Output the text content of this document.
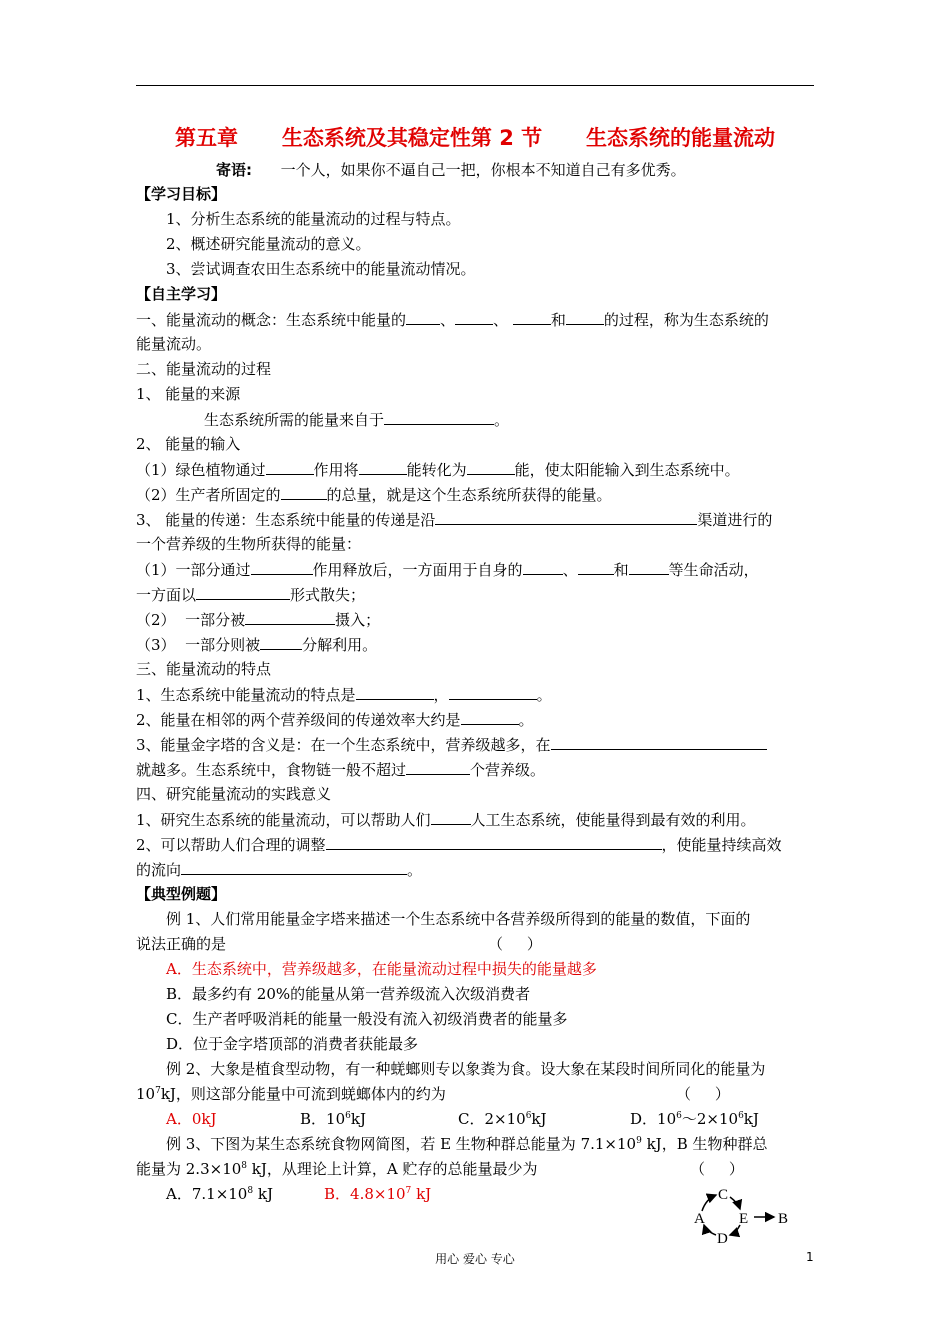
第五章      生态系统及其稳定性第 2 节      生态系统的能量流动
寄语: 一个人，如果你不逼自己一把，你根本不知道自己有多优秀。
【学习目标】
1、分析生态系统的能量流动的过程与特点。
2、概述研究能量流动的意义。
3、尝试调查农田生态系统中的能量流动情况。
【自主学习】
一、能量流动的概念：生态系统中能量的 、	、	和	的过程，称为生态系统的
能量流动。
二、能量流动的过程
1、 能量的来源
生态系统所需的能量来自于	。
2、 能量的输入
（1）绿色植物通过	作用将	能转化为	能，使太阳能输入到生态系统中。
（2）生产者所固定的	的总量，就是这个生态系统所获得的能量。
3、 能量的传递：生态系统中能量的传递是沿	渠道进行的
一个营养级的生物所获得的能量：
（1）一部分通过	作用释放后，一方面用于自身的	、 和	等生命活动，
一方面以	形式散失；
（2）  一部分被	摄入；
（3）  一部分则被	分解利用。
三、能量流动的特点
1、生态系统中能量流动的特点是	，	。
2、能量在相邻的两个营养级间的传递效率大约是	。
3、能量金字塔的含义是：在一个生态系统中，营养级越多，在
就越多。生态系统中，食物链一般不超过	个营养级。
四、研究能量流动的实践意义
1、研究生态系统的能量流动，可以帮助人们	人工生态系统，使能量得到最有效的利用。
2、可以帮助人们合理的调整	，使能量持续高效
的流向	。
【典型例题】
例 1、人们常用能量金字塔来描述一个生态系统中各营养级所得到的能量的数值，下面的
说法正确的是	（     ）
A．生态系统中，营养级越多，在能量流动过程中损失的能量越多
B．最多约有 20%的能量从第一营养级流入次级消费者
C．生产者呼吸消耗的能量一般没有流入初级消费者的能量多
D．位于金字塔顶部的消费者获能最多
例 2、大象是植食型动物，有一种蜣螂则专以象粪为食。设大象在某段时间所同化的能量为
$10^7kJ$，则这部分能量中可流到蜣螂体内的约为	（     ）
A．0kJ	B．$10^6kJ$	C．$2\times 10^6kJ$	D．$10^6\sim 2\times 10^6kJ$
例 3、下图为某生态系统食物网简图，若 E 生物种群总能量为 $7.1\times 10^9$ kJ，B 生物种群总
能量为 $2.3\times 10^8$ kJ，从理论上计算，A 贮存的总能量最少为	（     ）
A．$7.1\times 10^8$ kJ	B．$4.8\times 10^7$ kJ
A
C
E
D
B
用心 爱心 专心	1
